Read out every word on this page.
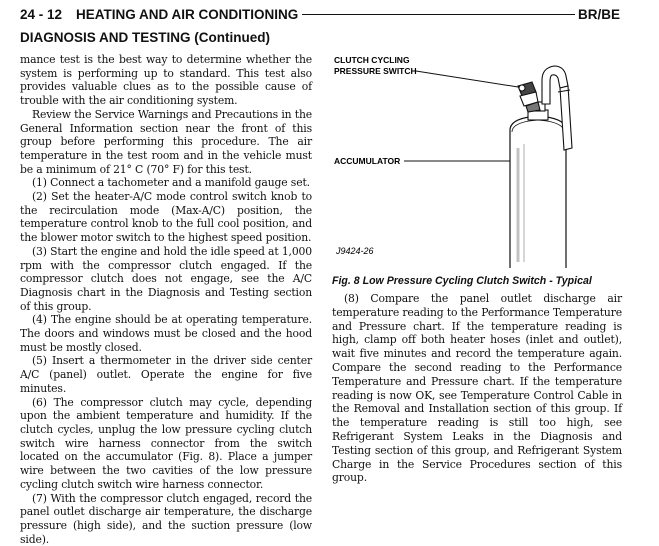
24 - 12 HEATING AND AIR CONDITIONING	BR/BE
DIAGNOSIS AND TESTING (Continued)

mance test is the best way to determine whether the system is performing up to standard. This test also provides valuable clues as to the possible cause of trouble with the air conditioning system.

Review the Service Warnings and Precautions in the General Information section near the front of this group before performing this procedure. The air temperature in the test room and in the vehicle must be a minimum of 21° C (70° F) for this test.

(1) Connect a tachometer and a manifold gauge set.

(2) Set the heater-A/C mode control switch knob to the recirculation mode (Max-A/C) position, the temperature control knob to the full cool position, and the blower motor switch to the highest speed position.

(3) Start the engine and hold the idle speed at 1,000 rpm with the compressor clutch engaged. If the compressor clutch does not engage, see the A/C Diagnosis chart in the Diagnosis and Testing section of this group.

(4) The engine should be at operating temperature. The doors and windows must be closed and the hood must be mostly closed.

(5) Insert a thermometer in the driver side center A/C (panel) outlet. Operate the engine for five minutes.

(6) The compressor clutch may cycle, depending upon the ambient temperature and humidity. If the clutch cycles, unplug the low pressure cycling clutch switch wire harness connector from the switch located on the accumulator (Fig. 8). Place a jumper wire between the two cavities of the low pressure cycling clutch switch wire harness connector.

(7) With the compressor clutch engaged, record the panel outlet discharge air temperature, the discharge pressure (high side), and the suction pressure (low side).

CLUTCH CYCLING
PRESSURE SWITCH
ACCUMULATOR
J9424-26
Fig. 8 Low Pressure Cycling Clutch Switch - Typical

(8) Compare the panel outlet discharge air temperature reading to the Performance Temperature and Pressure chart. If the temperature reading is high, clamp off both heater hoses (inlet and outlet), wait five minutes and record the temperature again. Compare the second reading to the Performance Temperature and Pressure chart. If the temperature reading is now OK, see Temperature Control Cable in the Removal and Installation section of this group. If the temperature reading is still too high, see Refrigerant System Leaks in the Diagnosis and Testing section of this group, and Refrigerant System Charge in the Service Procedures section of this group.
